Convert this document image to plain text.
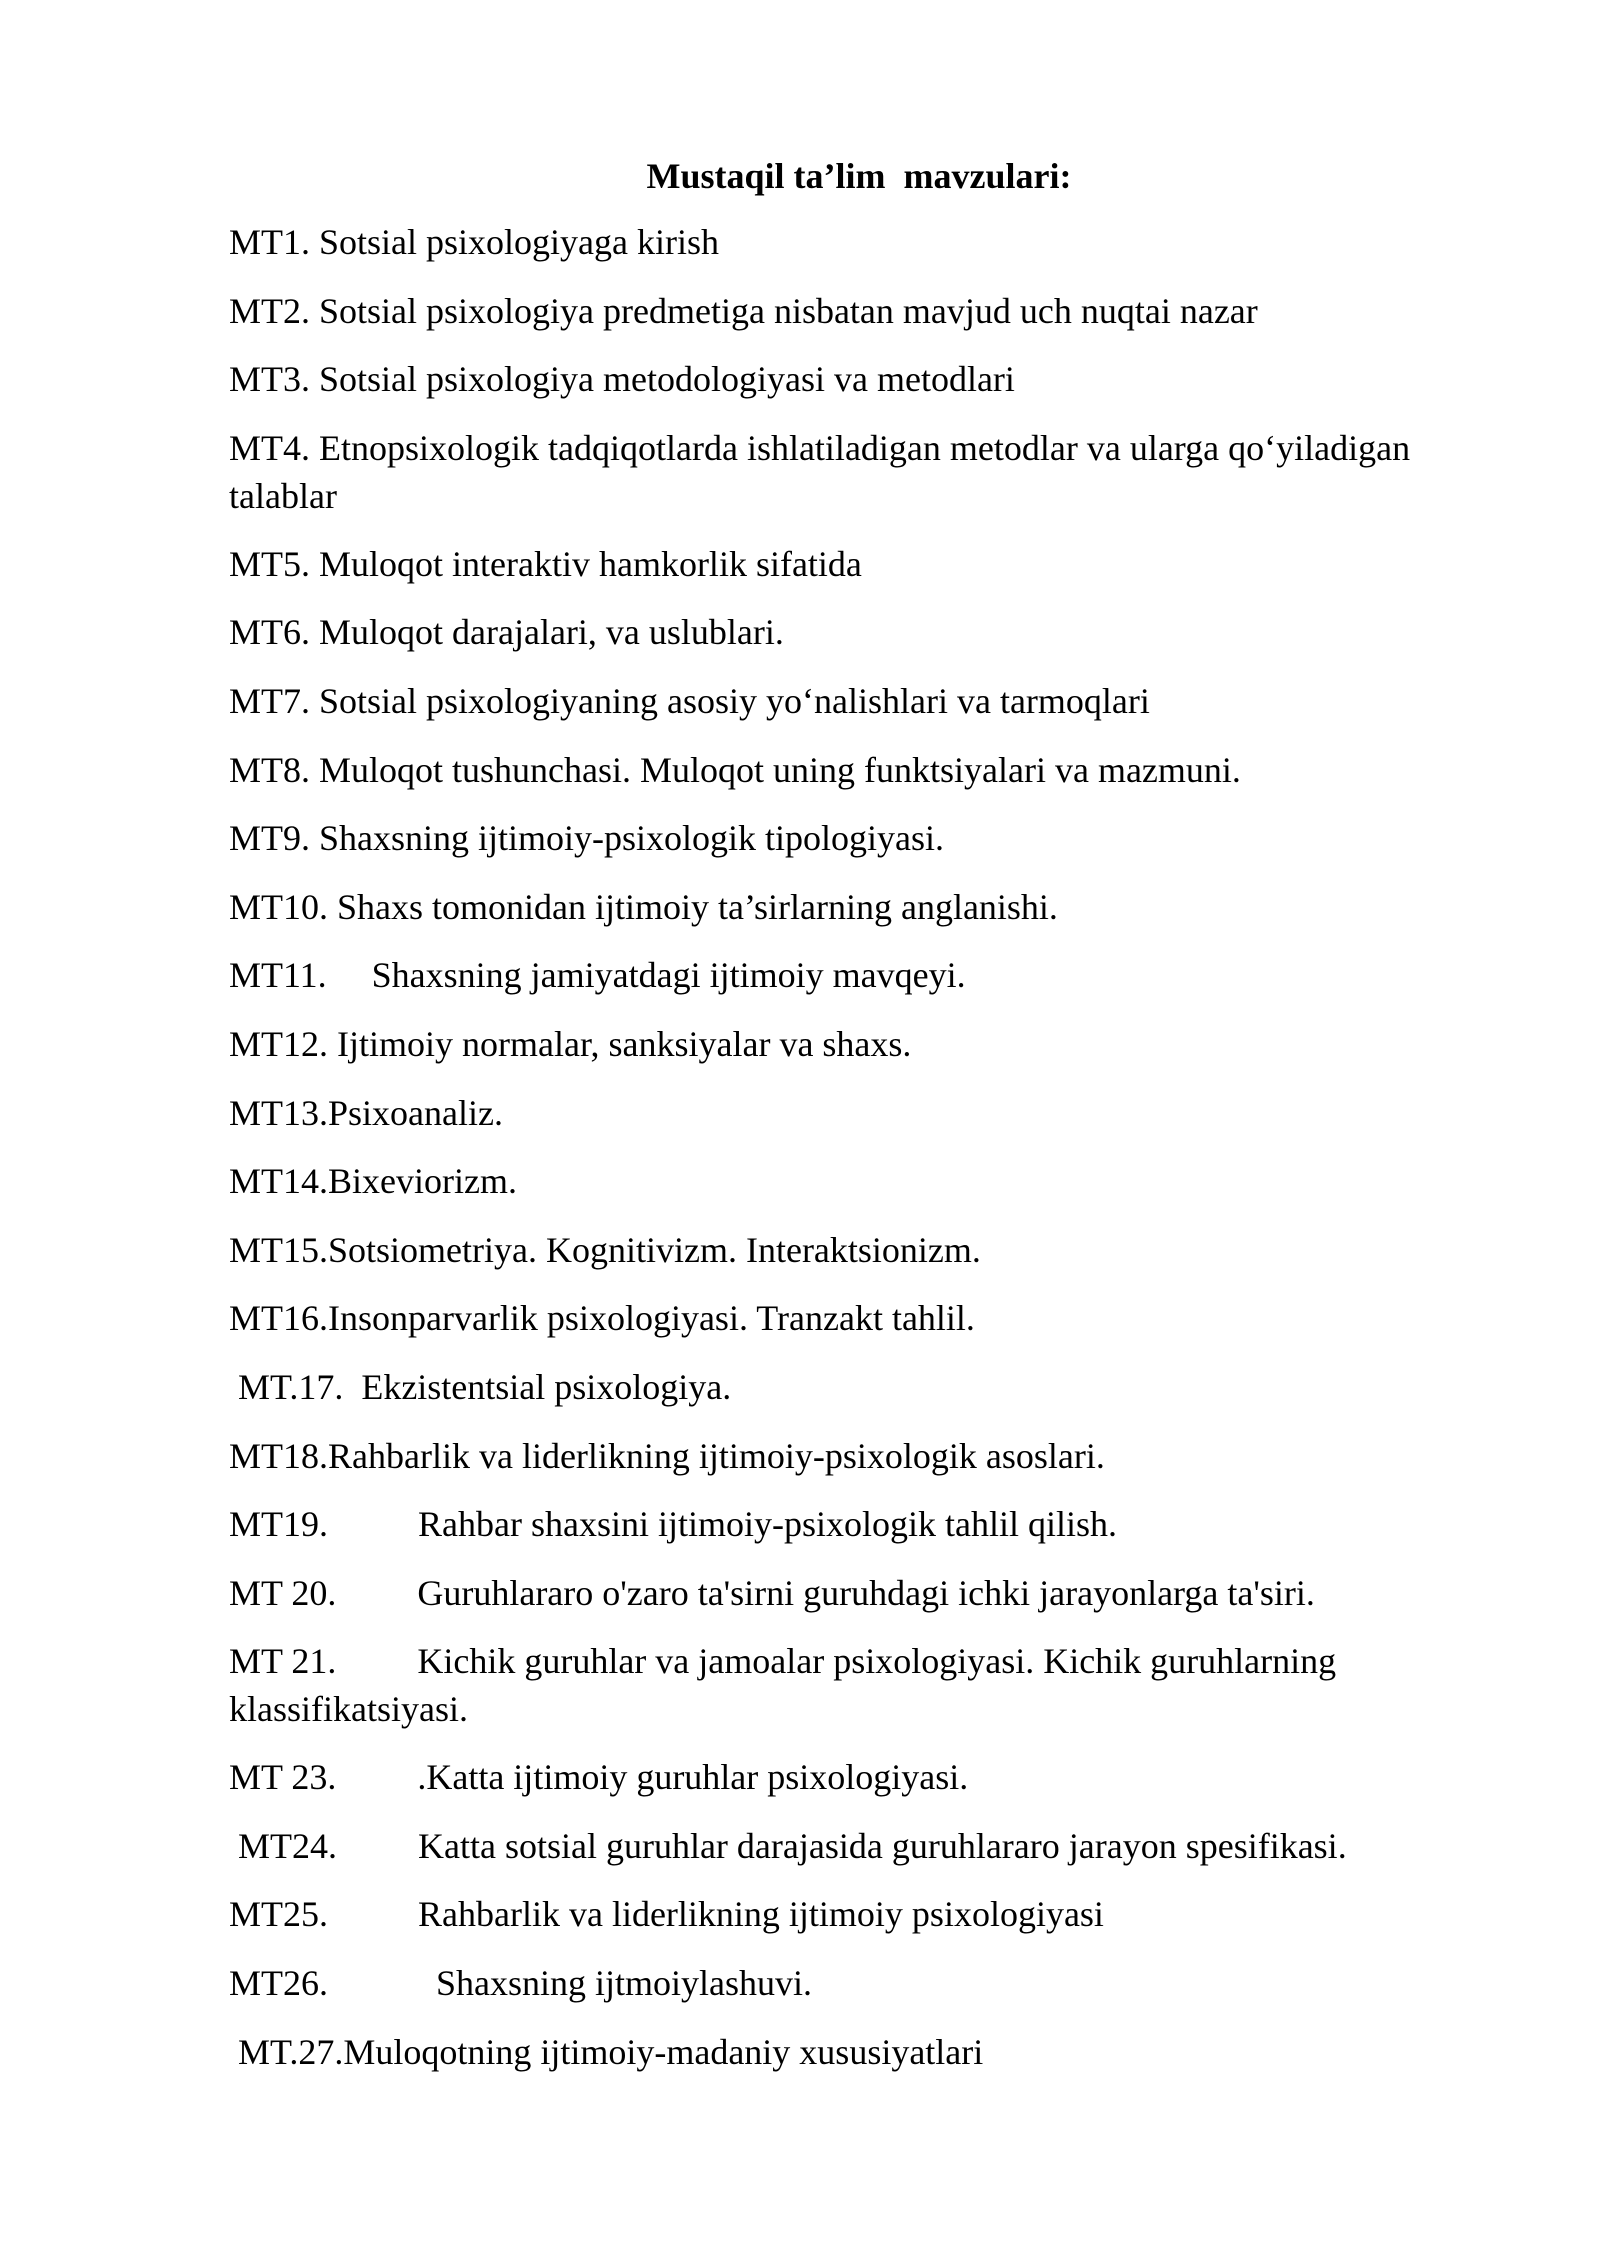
Mustaqil ta’lim  mavzulari:

MT1. Sotsial psixologiyaga kirish

MT2. Sotsial psixologiya predmetiga nisbatan mavjud uch nuqtai nazar

MT3. Sotsial psixologiya metodologiyasi va metodlari

MT4. Etnopsixologik tadqiqotlarda ishlatiladigan metodlar va ularga qo‘yiladigan talablar

MT5. Muloqot interaktiv hamkorlik sifatida

MT6. Muloqot darajalari, va uslublari.

MT7. Sotsial psixologiyaning asosiy yo‘nalishlari va tarmoqlari

MT8. Muloqot tushunchasi. Muloqot uning funktsiyalari va mazmuni.

MT9. Shaxsning ijtimoiy-psixologik tipologiyasi.

MT10. Shaxs tomonidan ijtimoiy ta’sirlarning anglanishi.

MT11.     Shaxsning jamiyatdagi ijtimoiy mavqeyi.

MT12. Ijtimoiy normalar, sanksiyalar va shaxs.

MT13.Psixoanaliz.

MT14.Bixeviorizm.

MT15.Sotsiometriya. Kognitivizm. Interaktsionizm.

MT16.Insonparvarlik psixologiyasi. Tranzakt tahlil.

MT.17.  Ekzistentsial psixologiya.

MT18.Rahbarlik va liderlikning ijtimoiy-psixologik asoslari.

MT19.          Rahbar shaxsini ijtimoiy-psixologik tahlil qilish.

MT 20.         Guruhlararo o'zaro ta'sirni guruhdagi ichki jarayonlarga ta'siri.

MT 21.         Kichik guruhlar va jamoalar psixologiyasi. Kichik guruhlarning klassifikatsiyasi.

MT 23.         .Katta ijtimoiy guruhlar psixologiyasi.

MT24.         Katta sotsial guruhlar darajasida guruhlararo jarayon spesifikasi.

MT25.          Rahbarlik va liderlikning ijtimoiy psixologiyasi

MT26.            Shaxsning ijtmoiylashuvi.

MT.27.Muloqotning ijtimoiy-madaniy xususiyatlari
